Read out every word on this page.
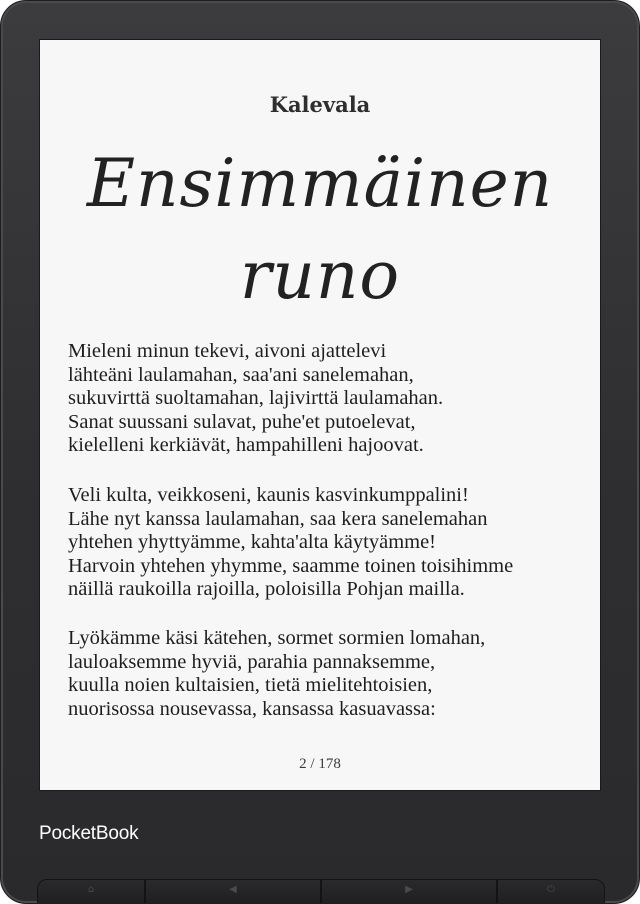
Kalevala
Ensimmäinen
runo
Mieleni minun tekevi, aivoni ajattelevi
lähteäni laulamahan, saa'ani sanelemahan,
sukuvirttä suoltamahan, lajivirttä laulamahan.
Sanat suussani sulavat, puhe'et putoelevat,
kielelleni kerkiävät, hampahilleni hajoovat.
Veli kulta, veikkoseni, kaunis kasvinkumppalini!
Lähe nyt kanssa laulamahan, saa kera sanelemahan
yhtehen yhyttyämme, kahta'alta käytyämme!
Harvoin yhtehen yhymme, saamme toinen toisihimme
näillä raukoilla rajoilla, poloisilla Pohjan mailla.
Lyökämme käsi kätehen, sormet sormien lomahan,
lauloaksemme hyviä, parahia pannaksemme,
kuulla noien kultaisien, tietä mielitehtoisien,
nuorisossa nousevassa, kansassa kasuavassa:
2 / 178
PocketBook
⌂	◀	▶	⏻
